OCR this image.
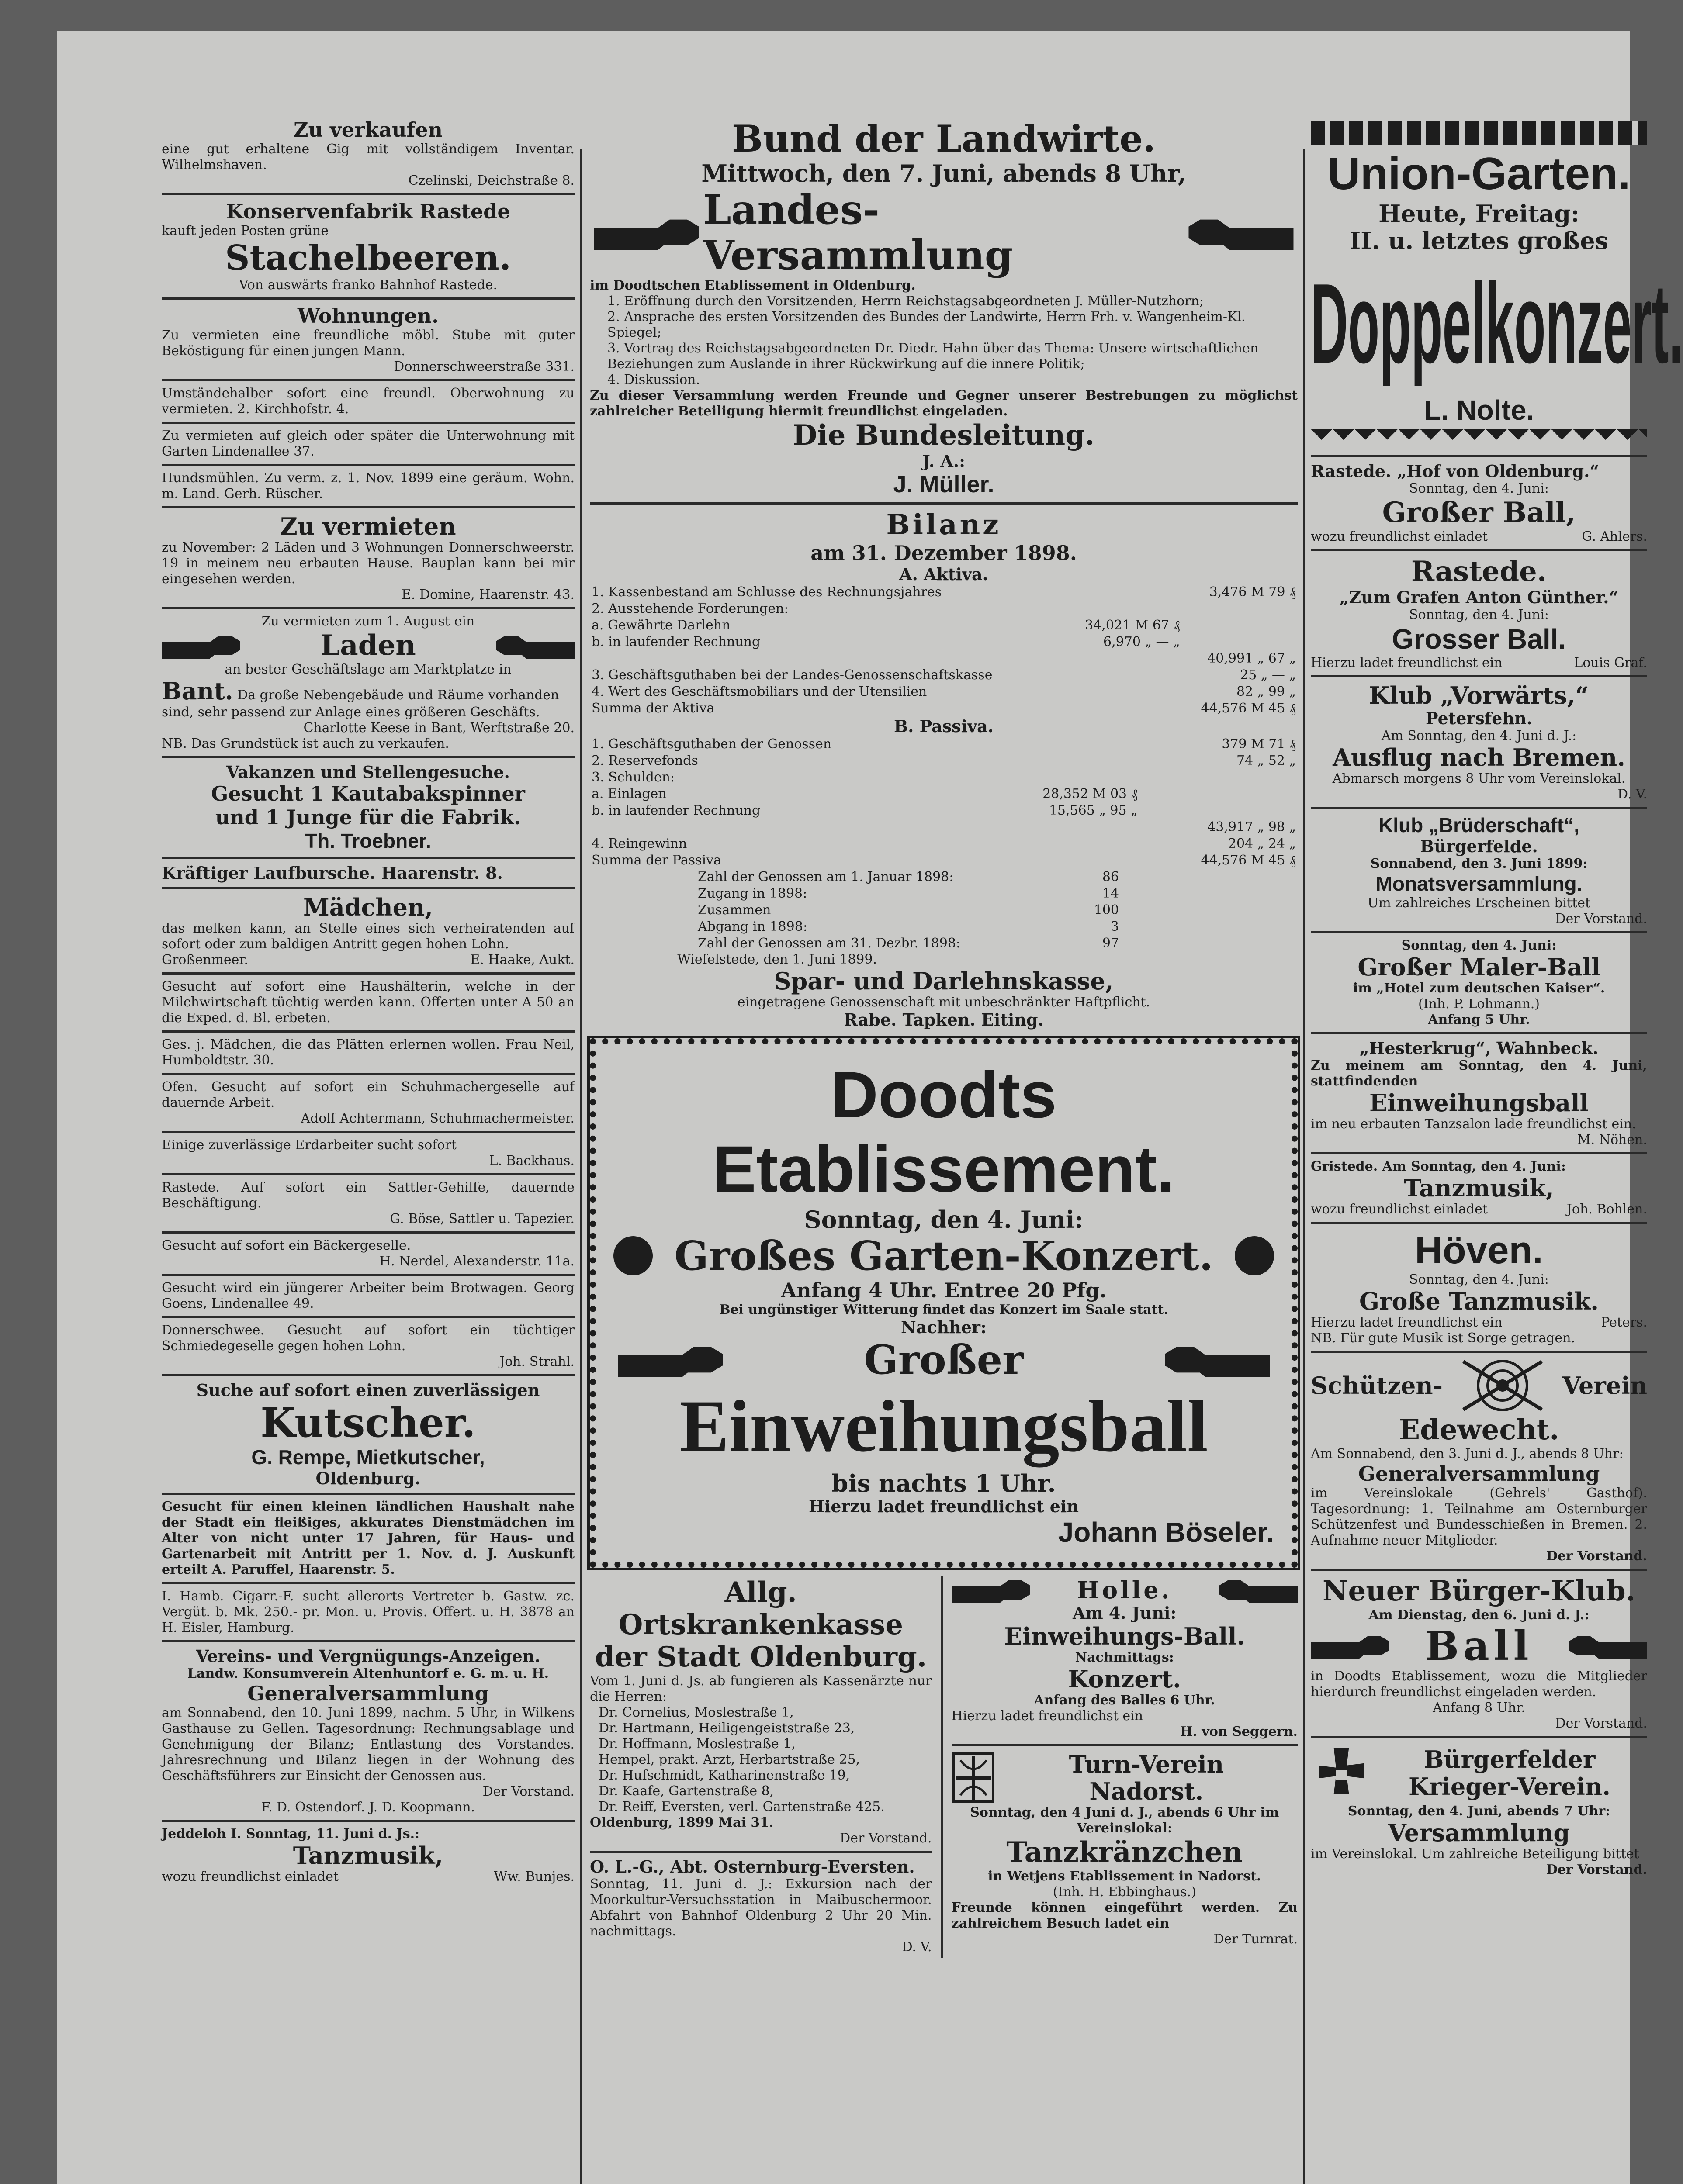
Zu verkaufen
eine gut erhaltene Gig mit vollständigem Inventar. Wilhelmshaven.
Czelinski, Deichstraße 8.
Konservenfabrik Rastede
kauft jeden Posten grüne
Stachelbeeren.
Von auswärts franko Bahnhof Rastede.
Wohnungen.
Zu vermieten eine freundliche möbl. Stube mit guter Beköstigung für einen jungen Mann.
Donnerschweerstraße 331.
Umständehalber sofort eine freundl. Oberwohnung zu vermieten. 2. Kirchhofstr. 4.
Zu vermieten auf gleich oder später die Unterwohnung mit Garten Lindenallee 37.
Hundsmühlen. Zu verm. z. 1. Nov. 1899 eine geräum. Wohn. m. Land. Gerh. Rüscher.
Zu vermieten
zu November: 2 Läden und 3 Wohnungen Donnerschweerstr. 19 in meinem neu erbauten Hause. Bauplan kann bei mir eingesehen werden.
E. Domine, Haarenstr. 43.
Zu vermieten zum 1. August ein
Laden
an bester Geschäftslage am Marktplatze in
Bant. Da große Nebengebäude und Räume vorhanden sind, sehr passend zur Anlage eines größeren Geschäfts.
Charlotte Keese in Bant, Werftstraße 20.
NB. Das Grundstück ist auch zu verkaufen.
Vakanzen und Stellengesuche.
Gesucht 1 Kautabakspinner
und 1 Junge für die Fabrik.
Th. Troebner.
Kräftiger Laufbursche. Haarenstr. 8.
Mädchen,
das melken kann, an Stelle eines sich verheiratenden auf sofort oder zum baldigen Antritt gegen hohen Lohn.
Großenmeer.	E. Haake, Aukt.
Gesucht auf sofort eine Haushälterin, welche in der Milchwirtschaft tüchtig werden kann. Offerten unter A 50 an die Exped. d. Bl. erbeten.
Ges. j. Mädchen, die das Plätten erlernen wollen. Frau Neil, Humboldtstr. 30.
Ofen. Gesucht auf sofort ein Schuhmachergeselle auf dauernde Arbeit.
Adolf Achtermann, Schuhmachermeister.
Einige zuverlässige Erdarbeiter sucht sofort
L. Backhaus.
Rastede. Auf sofort ein Sattler-Gehilfe, dauernde Beschäftigung.
G. Böse, Sattler u. Tapezier.
Gesucht auf sofort ein Bäckergeselle.
H. Nerdel, Alexanderstr. 11a.
Gesucht wird ein jüngerer Arbeiter beim Brotwagen. Georg Goens, Lindenallee 49.
Donnerschwee. Gesucht auf sofort ein tüchtiger Schmiedegeselle gegen hohen Lohn.
Joh. Strahl.
Suche auf sofort einen zuverlässigen
Kutscher.
G. Rempe, Mietkutscher,
Oldenburg.
Gesucht für einen kleinen ländlichen Haushalt nahe der Stadt ein fleißiges, akkurates Dienstmädchen im Alter von nicht unter 17 Jahren, für Haus- und Gartenarbeit mit Antritt per 1. Nov. d. J. Auskunft erteilt A. Paruffel, Haarenstr. 5.
I. Hamb. Cigarr.-F. sucht allerorts Vertreter b. Gastw. zc. Vergüt. b. Mk. 250.- pr. Mon. u. Provis. Offert. u. H. 3878 an H. Eisler, Hamburg.
Vereins- und Vergnügungs-Anzeigen.
Landw. Konsumverein Altenhuntorf e. G. m. u. H.
Generalversammlung
am Sonnabend, den 10. Juni 1899, nachm. 5 Uhr, in Wilkens Gasthause zu Gellen. Tagesordnung: Rechnungsablage und Genehmigung der Bilanz; Entlastung des Vorstandes. Jahresrechnung und Bilanz liegen in der Wohnung des Geschäftsführers zur Einsicht der Genossen aus.
Der Vorstand.
F. D. Ostendorf. J. D. Koopmann.
Jeddeloh I. Sonntag, 11. Juni d. Js.:
Tanzmusik,
wozu freundlichst einladet	Ww. Bunjes.
Bund der Landwirte.
Mittwoch, den 7. Juni, abends 8 Uhr,
Landes-Versammlung
im Doodtschen Etablissement in Oldenburg.
1. Eröffnung durch den Vorsitzenden, Herrn Reichstagsabgeordneten J. Müller-Nutzhorn;
2. Ansprache des ersten Vorsitzenden des Bundes der Landwirte, Herrn Frh. v. Wangenheim-Kl. Spiegel;
3. Vortrag des Reichstagsabgeordneten Dr. Diedr. Hahn über das Thema: Unsere wirtschaftlichen Beziehungen zum Auslande in ihrer Rückwirkung auf die innere Politik;
4. Diskussion.
Zu dieser Versammlung werden Freunde und Gegner unserer Bestrebungen zu möglichst zahlreicher Beteiligung hiermit freundlichst eingeladen.
Die Bundesleitung.
J. A.:
J. Müller.
Bilanz
am 31. Dezember 1898.
A. Aktiva.
1. Kassenbestand am Schlusse des Rechnungsjahres		3,476 M 79 ₰
2. Ausstehende Forderungen:		
a. Gewährte Darlehn	34,021 M 67 ₰	
b. in laufender Rechnung	6,970 „ — „	
		40,991 „ 67 „
3. Geschäftsguthaben bei der Landes-Genossenschaftskasse		25 „ — „
4. Wert des Geschäftsmobiliars und der Utensilien		82 „ 99 „
Summa der Aktiva		44,576 M 45 ₰
B. Passiva.
1. Geschäftsguthaben der Genossen		379 M 71 ₰
2. Reservefonds		74 „ 52 „
3. Schulden:		
a. Einlagen	28,352 M 03 ₰	
b. in laufender Rechnung	15,565 „ 95 „	
		43,917 „ 98 „
4. Reingewinn		204 „ 24 „
Summa der Passiva		44,576 M 45 ₰
Zahl der Genossen am 1. Januar 1898:	86
Zugang in 1898:	14
Zusammen	100
Abgang in 1898:	3
Zahl der Genossen am 31. Dezbr. 1898:	97
Wiefelstede, den 1. Juni 1899.
Spar- und Darlehnskasse,
eingetragene Genossenschaft mit unbeschränkter Haftpflicht.
Rabe. Tapken. Eiting.
Doodts Etablissement.
Sonntag, den 4. Juni:
Großes Garten-Konzert.
Anfang 4 Uhr. Entree 20 Pfg.
Bei ungünstiger Witterung findet das Konzert im Saale statt.
Nachher:
Großer
Einweihungsball
bis nachts 1 Uhr.
Hierzu ladet freundlichst ein
Johann Böseler.
Allg. Ortskrankenkasse der Stadt Oldenburg.
Vom 1. Juni d. Js. ab fungieren als Kassenärzte nur die Herren:
Dr. Cornelius, Moslestraße 1,
Dr. Hartmann, Heiligengeiststraße 23,
Dr. Hoffmann, Moslestraße 1,
Hempel, prakt. Arzt, Herbartstraße 25,
Dr. Hufschmidt, Katharinenstraße 19,
Dr. Kaafe, Gartenstraße 8,
Dr. Reiff, Eversten, verl. Gartenstraße 425.
Oldenburg, 1899 Mai 31.
Der Vorstand.
O. L.-G., Abt. Osternburg-Eversten.
Sonntag, 11. Juni d. J.: Exkursion nach der Moorkultur-Versuchsstation in Maibuschermoor. Abfahrt von Bahnhof Oldenburg 2 Uhr 20 Min. nachmittags.
D. V.
Holle.
Am 4. Juni:
Einweihungs-Ball.
Nachmittags:
Konzert.
Anfang des Balles 6 Uhr.
Hierzu ladet freundlichst ein
H. von Seggern.
Turn-Verein
Nadorst.
Sonntag, den 4 Juni d. J., abends 6 Uhr im Vereinslokal:
Tanzkränzchen
in Wetjens Etablissement in Nadorst.
(Inh. H. Ebbinghaus.)
Freunde können eingeführt werden. Zu zahlreichem Besuch ladet ein
Der Turnrat.
Union-Garten.
Heute, Freitag:
II. u. letztes großes
Doppelkonzert.
L. Nolte.
Rastede. „Hof von Oldenburg.“
Sonntag, den 4. Juni:
Großer Ball,
wozu freundlichst einladet	G. Ahlers.
Rastede.
„Zum Grafen Anton Günther.“
Sonntag, den 4. Juni:
Grosser Ball.
Hierzu ladet freundlichst ein	Louis Graf.
Klub „Vorwärts,“
Petersfehn.
Am Sonntag, den 4. Juni d. J.:
Ausflug nach Bremen.
Abmarsch morgens 8 Uhr vom Vereinslokal.
D. V.
Klub „Brüderschaft“,
Bürgerfelde.
Sonnabend, den 3. Juni 1899:
Monatsversammlung.
Um zahlreiches Erscheinen bittet
Der Vorstand.
Sonntag, den 4. Juni:
Großer Maler-Ball
im „Hotel zum deutschen Kaiser“.
(Inh. P. Lohmann.)
Anfang 5 Uhr.
„Hesterkrug“, Wahnbeck.
Zu meinem am Sonntag, den 4. Juni, stattfindenden
Einweihungsball
im neu erbauten Tanzsalon lade freundlichst ein.
M. Nöhen.
Gristede. Am Sonntag, den 4. Juni:
Tanzmusik,
wozu freundlichst einladet	Joh. Bohlen.
Höven.
Sonntag, den 4. Juni:
Große Tanzmusik.
Hierzu ladet freundlichst ein	Peters.
NB. Für gute Musik ist Sorge getragen.
Schützen-	Verein
Edewecht.
Am Sonnabend, den 3. Juni d. J., abends 8 Uhr:
Generalversammlung
im Vereinslokale (Gehrels' Gasthof). Tagesordnung: 1. Teilnahme am Osternburger Schützenfest und Bundesschießen in Bremen. 2. Aufnahme neuer Mitglieder.
Der Vorstand.
Neuer Bürger-Klub.
Am Dienstag, den 6. Juni d. J.:
Ball
in Doodts Etablissement, wozu die Mitglieder hierdurch freundlichst eingeladen werden.
Anfang 8 Uhr.
Der Vorstand.
Bürgerfelder
Krieger-Verein.
Sonntag, den 4. Juni, abends 7 Uhr:
Versammlung
im Vereinslokal. Um zahlreiche Beteiligung bittet
Der Vorstand.
